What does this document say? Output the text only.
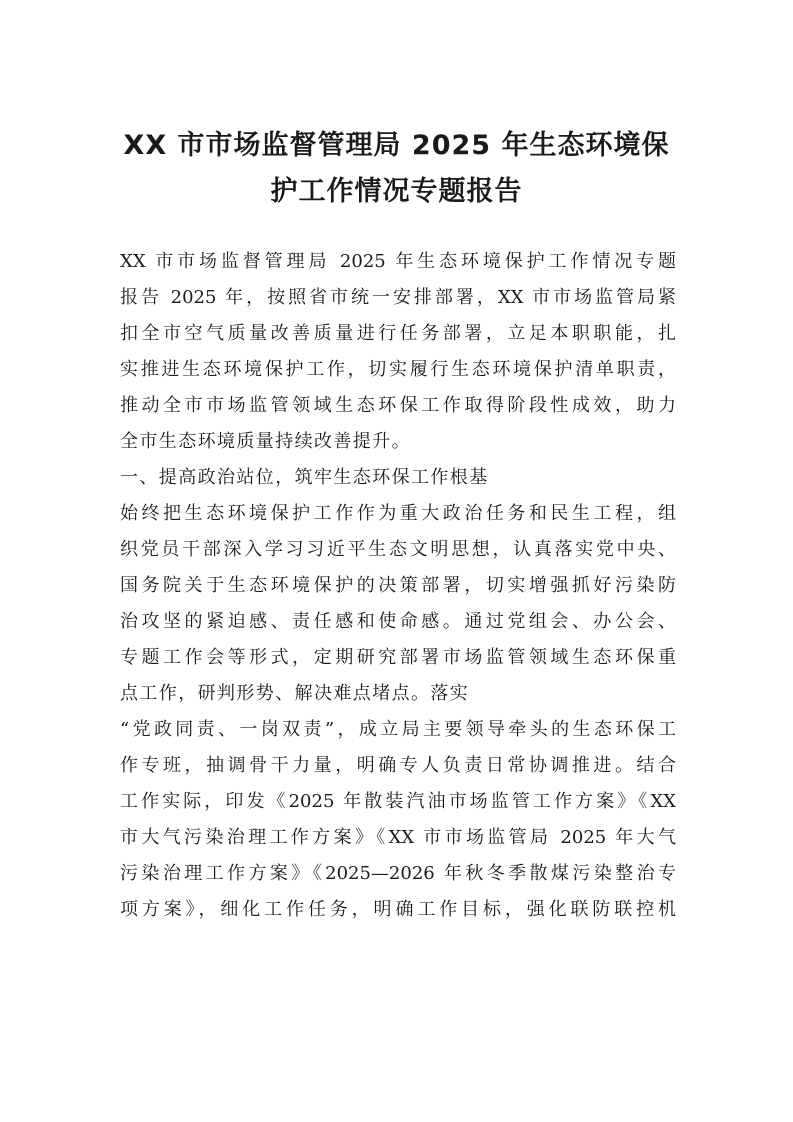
XX 市市场监督管理局 2025 年生态环境保
护工作情况专题报告

XX 市市场监督管理局 2025 年生态环境保护工作情况专题

报告 2025 年，按照省市统一安排部署，XX 市市场监管局紧

扣全市空气质量改善质量进行任务部署，立足本职职能，扎

实推进生态环境保护工作，切实履行生态环境保护清单职责，

推动全市市场监管领域生态环保工作取得阶段性成效，助力

全市生态环境质量持续改善提升。

一、提高政治站位，筑牢生态环保工作根基

始终把生态环境保护工作作为重大政治任务和民生工程，组

织党员干部深入学习习近平生态文明思想，认真落实党中央、

国务院关于生态环境保护的决策部署，切实增强抓好污染防

治攻坚的紧迫感、责任感和使命感。通过党组会、办公会、

专题工作会等形式，定期研究部署市场监管领域生态环保重

点工作，研判形势、解决难点堵点。落实

“党政同责、一岗双责”，成立局主要领导牵头的生态环保工

作专班，抽调骨干力量，明确专人负责日常协调推进。结合

工作实际，印发《2025 年散装汽油市场监管工作方案》《XX

市大气污染治理工作方案》《XX 市市场监管局 2025 年大气

污染治理工作方案》《2025—2026 年秋冬季散煤污染整治专

项方案》，细化工作任务，明确工作目标，强化联防联控机
